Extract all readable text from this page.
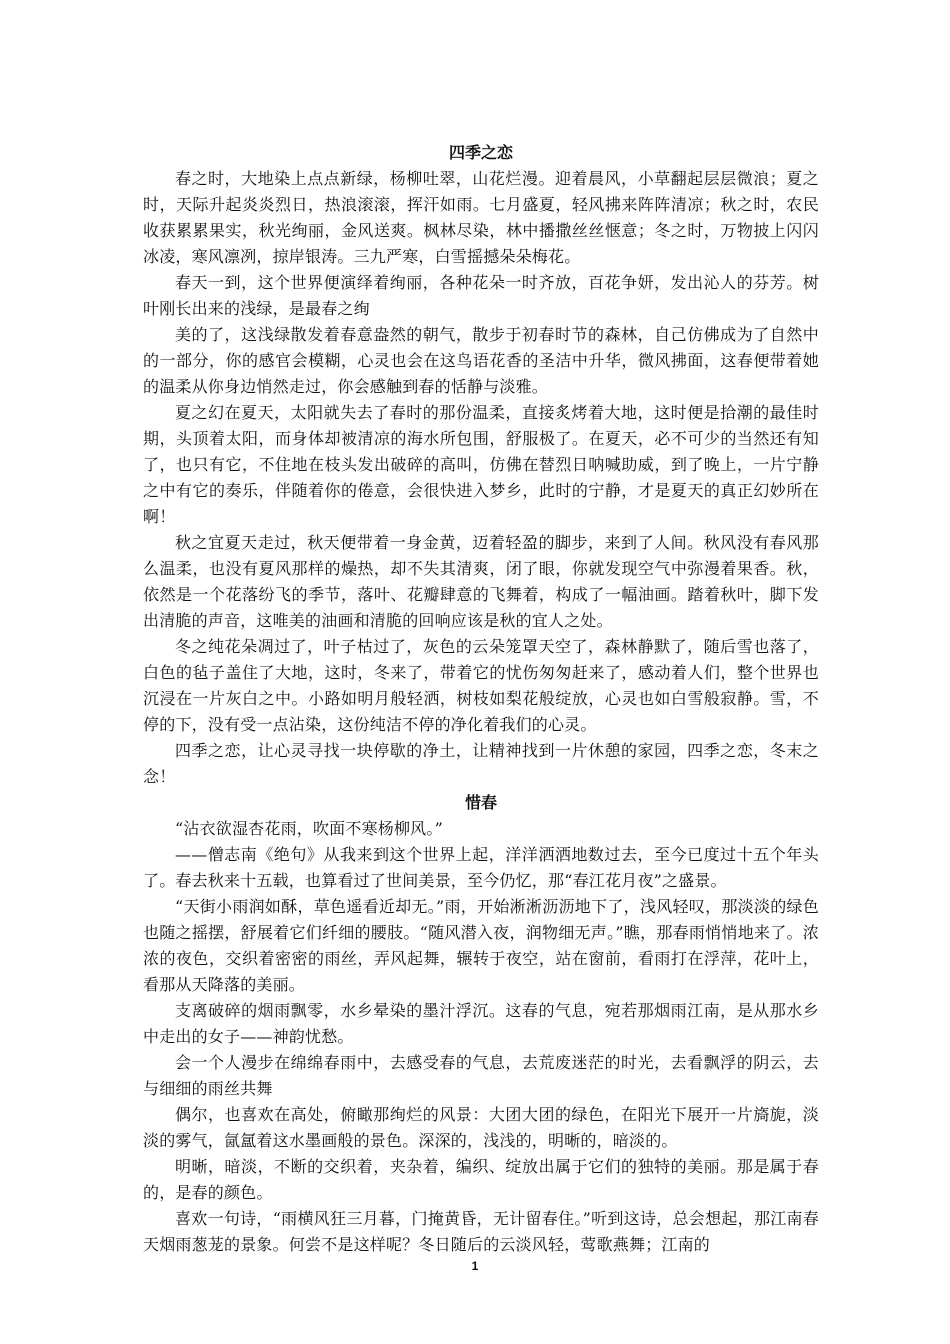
四季之恋

春之时，大地染上点点新绿，杨柳吐翠，山花烂漫。迎着晨风，小草翻起层层微浪；夏之时，天际升起炎炎烈日，热浪滚滚，挥汗如雨。七月盛夏，轻风拂来阵阵清凉；秋之时，农民收获累累果实，秋光绚丽，金风送爽。枫林尽染，林中播撒丝丝惬意；冬之时，万物披上闪闪冰凌，寒风凛冽，掠岸银涛。三九严寒，白雪摇撼朵朵梅花。

春天一到，这个世界便演绎着绚丽，各种花朵一时齐放，百花争妍，发出沁人的芬芳。树叶刚长出来的浅绿，是最春之绚

美的了，这浅绿散发着春意盎然的朝气，散步于初春时节的森林，自己仿佛成为了自然中的一部分，你的感官会模糊，心灵也会在这鸟语花香的圣洁中升华，微风拂面，这春便带着她的温柔从你身边悄然走过，你会感触到春的恬静与淡雅。

夏之幻在夏天，太阳就失去了春时的那份温柔，直接炙烤着大地，这时便是拾潮的最佳时期，头顶着太阳，而身体却被清凉的海水所包围，舒服极了。在夏天，必不可少的当然还有知了，也只有它，不住地在枝头发出破碎的高叫，仿佛在替烈日呐喊助威，到了晚上，一片宁静之中有它的奏乐，伴随着你的倦意，会很快进入梦乡，此时的宁静，才是夏天的真正幻妙所在啊！

秋之宜夏天走过，秋天便带着一身金黄，迈着轻盈的脚步，来到了人间。秋风没有春风那么温柔，也没有夏风那样的燥热，却不失其清爽，闭了眼，你就发现空气中弥漫着果香。秋，依然是一个花落纷飞的季节，落叶、花瓣肆意的飞舞着，构成了一幅油画。踏着秋叶，脚下发出清脆的声音，这唯美的油画和清脆的回响应该是秋的宜人之处。

冬之纯花朵凋过了，叶子枯过了，灰色的云朵笼罩天空了，森林静默了，随后雪也落了，白色的毡子盖住了大地，这时，冬来了，带着它的忧伤匆匆赶来了，感动着人们，整个世界也沉浸在一片灰白之中。小路如明月般轻洒，树枝如梨花般绽放，心灵也如白雪般寂静。雪，不停的下，没有受一点沾染，这份纯洁不停的净化着我们的心灵。

四季之恋，让心灵寻找一块停歇的净土，让精神找到一片休憩的家园，四季之恋，冬末之念！

惜春

“沾衣欲湿杏花雨，吹面不寒杨柳风。”

——僧志南《绝句》从我来到这个世界上起，洋洋洒洒地数过去，至今已度过十五个年头了。春去秋来十五载，也算看过了世间美景，至今仍忆，那“春江花月夜”之盛景。

“天街小雨润如酥，草色遥看近却无。”雨，开始淅淅沥沥地下了，浅风轻叹，那淡淡的绿色也随之摇摆，舒展着它们纤细的腰肢。“随风潜入夜，润物细无声。”瞧，那春雨悄悄地来了。浓浓的夜色，交织着密密的雨丝，弄风起舞，辗转于夜空，站在窗前，看雨打在浮萍，花叶上，看那从天降落的美丽。

支离破碎的烟雨飘零，水乡晕染的墨汁浮沉。这春的气息，宛若那烟雨江南，是从那水乡中走出的女子——神韵忧愁。

会一个人漫步在绵绵春雨中，去感受春的气息，去荒废迷茫的时光，去看飘浮的阴云，去与细细的雨丝共舞

偶尔，也喜欢在高处，俯瞰那绚烂的风景：大团大团的绿色，在阳光下展开一片旖旎，淡淡的雾气，氤氲着这水墨画般的景色。深深的，浅浅的，明晰的，暗淡的。

明晰，暗淡，不断的交织着，夹杂着，编织、绽放出属于它们的独特的美丽。那是属于春的，是春的颜色。

喜欢一句诗，“雨横风狂三月暮，门掩黄昏，无计留春住。”听到这诗，总会想起，那江南春天烟雨葱茏的景象。何尝不是这样呢？冬日随后的云淡风轻，莺歌燕舞；江南的

1
